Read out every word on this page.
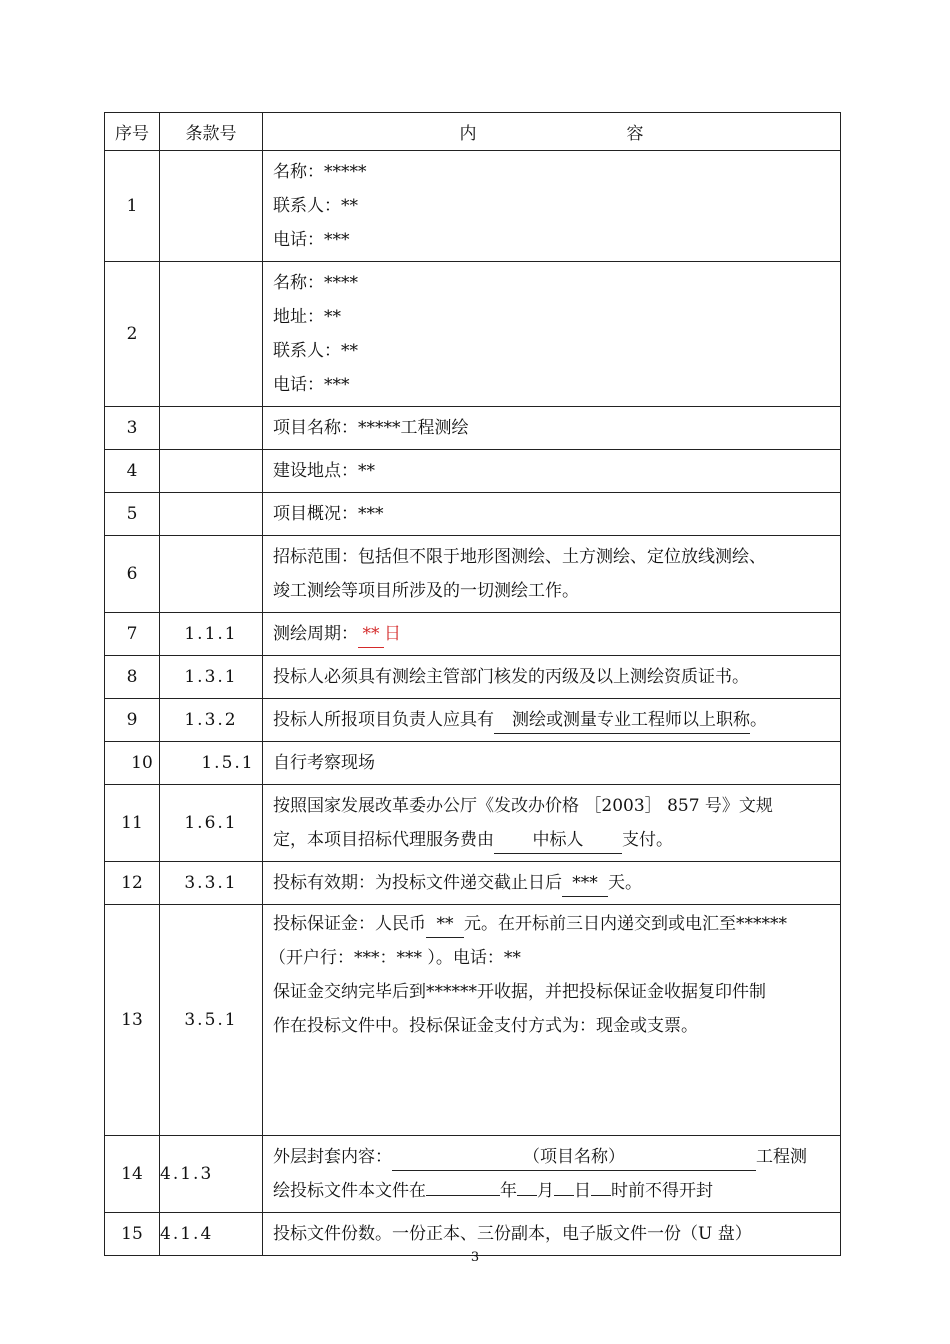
序号	条款号	内 容
1		名称：*****
联系人：**
电话：***

2		名称：****
地址：**
联系人：**
电话：***

3		项目名称：*****工程测绘

4		建设地点：**

5		项目概况：***

6		招标范围：包括但不限于地形图测绘、土方测绘、定位放线测绘、
竣工测绘等项目所涉及的一切测绘工作。

7	1.1.1	测绘周期： ** 日

8	1.3.1	投标人必须具有测绘主管部门核发的丙级及以上测绘资质证书。

9	1.3.2	投标人所报项目负责人应具有 测绘或测量专业工程师以上职称。

10	1.5.1	自行考察现场

11	1.6.1	按照国家发展改革委办公厅《发改办价格 ［2003］ 857 号》文规
定，本项目招标代理服务费由 中标人 支付。

12	3.3.1	投标有效期：为投标文件递交截止日后 *** 天。

13	3.5.1	投标保证金：人民币 ** 元。在开标前三日内递交到或电汇至******
（开户行：***：*** ）。电话：**
保证金交纳完毕后到******开收据，并把投标保证金收据复印件制
作在投标文件中。投标保证金支付方式为：现金或支票。

14	4.1.3	外层封套内容： （项目名称） 工程测
绘投标文件本文件在 年 月 日 时前不得开封

15	4.1.4	投标文件份数。一份正本、三份副本，电子版文件一份（U 盘）
3
